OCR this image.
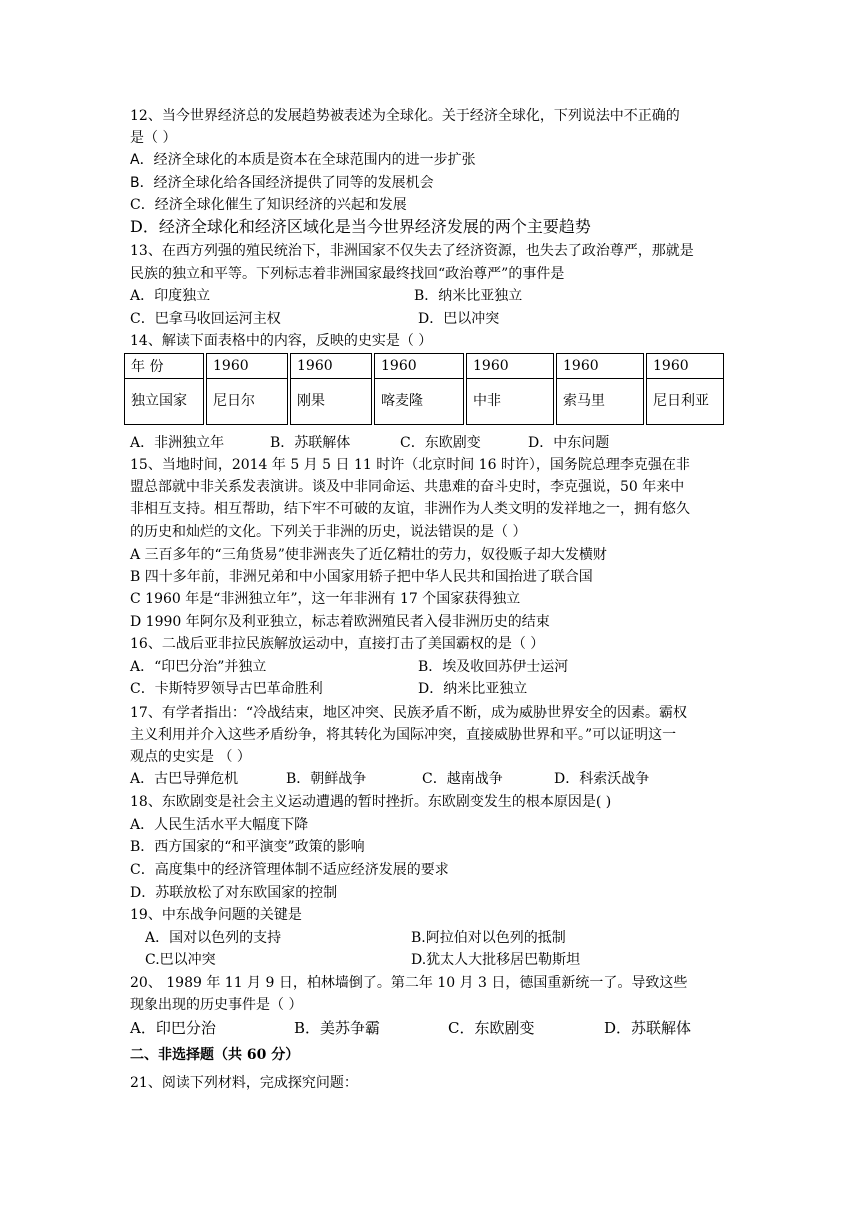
12、当今世界经济总的发展趋势被表述为全球化。关于经济全球化，下列说法中不正确的
是（ ）
A．经济全球化的本质是资本在全球范围内的进一步扩张
B．经济全球化给各国经济提供了同等的发展机会
C．经济全球化催生了知识经济的兴起和发展
D．经济全球化和经济区域化是当今世界经济发展的两个主要趋势
13、在西方列强的殖民统治下，非洲国家不仅失去了经济资源，也失去了政治尊严，那就是
民族的独立和平等。下列标志着非洲国家最终找回“政治尊严”的事件是
A．印度独立	B．纳米比亚独立
C．巴拿马收回运河主权	D．巴以冲突
14、解读下面表格中的内容，反映的史实是（ ）
年 份		1960		1960		1960		1960		1960		1960
独立国家		尼日尔		刚果		喀麦隆		中非		索马里		尼日利亚
A．非洲独立年	B．苏联解体	C．东欧剧变	D．中东问题
15、当地时间，2014 年 5 月 5 日 11 时许（北京时间 16 时许），国务院总理李克强在非
盟总部就中非关系发表演讲。谈及中非同命运、共患难的奋斗史时，李克强说，50 年来中
非相互支持。相互帮助，结下牢不可破的友谊，非洲作为人类文明的发祥地之一，拥有悠久
的历史和灿烂的文化。下列关于非洲的历史，说法错误的是（ ）
A 三百多年的“三角货易”使非洲丧失了近亿精壮的劳力，奴役贩子却大发横财
B 四十多年前，非洲兄弟和中小国家用轿子把中华人民共和国抬进了联合国
C 1960 年是“非洲独立年”，这一年非洲有 17 个国家获得独立
D 1990 年阿尔及利亚独立，标志着欧洲殖民者入侵非洲历史的结束
16、二战后亚非拉民族解放运动中，直接打击了美国霸权的是（ ）
A．“印巴分治”并独立	B．埃及收回苏伊士运河
C．卡斯特罗领导古巴革命胜利	D．纳米比亚独立
17、有学者指出：“冷战结束，地区冲突、民族矛盾不断，成为威胁世界安全的因素。霸权
主义利用并介入这些矛盾纷争，将其转化为国际冲突，直接威胁世界和平。”可以证明这一
观点的史实是 （ ）
A．古巴导弹危机	B．朝鲜战争	C．越南战争	D．科索沃战争
18、东欧剧变是社会主义运动遭遇的暂时挫折。东欧剧变发生的根本原因是( )
A．人民生活水平大幅度下降
B．西方国家的“和平演变”政策的影响
C．高度集中的经济管理体制不适应经济发展的要求
D．苏联放松了对东欧国家的控制
19、中东战争问题的关键是
A．国对以色列的支持	B.阿拉伯对以色列的抵制
C.巴以冲突	D.犹太人大批移居巴勒斯坦
20、 1989 年 11 月 9 日，柏林墙倒了。第二年 10 月 3 日，德国重新统一了。导致这些
现象出现的历史事件是（ ）
A．印巴分治	B．美苏争霸	C．东欧剧变	D．苏联解体
二、非选择题（共 60 分）
21、阅读下列材料，完成探究问题：
